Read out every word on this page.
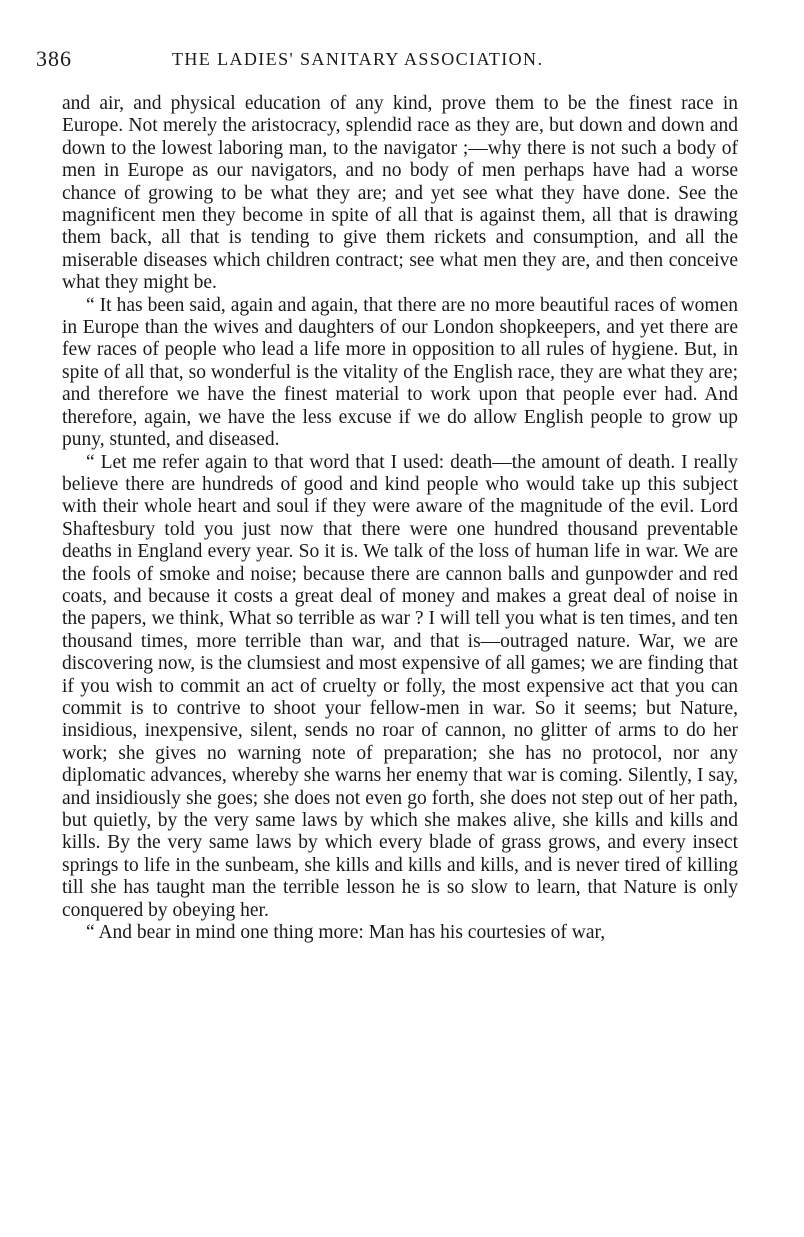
386	THE LADIES' SANITARY ASSOCIATION.

and air, and physical education of any kind, prove them to be the finest race in Europe. Not merely the aristocracy, splendid race as they are, but down and down and down to the lowest laboring man, to the navigator ;—why there is not such a body of men in Europe as our navigators, and no body of men perhaps have had a worse chance of growing to be what they are; and yet see what they have done. See the magnificent men they become in spite of all that is against them, all that is drawing them back, all that is tending to give them rickets and consumption, and all the miserable diseases which children contract; see what men they are, and then conceive what they might be.

“ It has been said, again and again, that there are no more beautiful races of women in Europe than the wives and daughters of our London shopkeepers, and yet there are few races of people who lead a life more in opposition to all rules of hygiene. But, in spite of all that, so wonderful is the vitality of the English race, they are what they are; and therefore we have the finest material to work upon that people ever had. And therefore, again, we have the less excuse if we do allow English people to grow up puny, stunted, and diseased.

“ Let me refer again to that word that I used: death—the amount of death. I really believe there are hundreds of good and kind people who would take up this subject with their whole heart and soul if they were aware of the magnitude of the evil. Lord Shaftesbury told you just now that there were one hundred thousand preventable deaths in England every year. So it is. We talk of the loss of human life in war. We are the fools of smoke and noise; because there are cannon balls and gunpowder and red coats, and because it costs a great deal of money and makes a great deal of noise in the papers, we think, What so terrible as war ? I will tell you what is ten times, and ten thousand times, more terrible than war, and that is—outraged nature. War, we are discovering now, is the clumsiest and most expensive of all games; we are finding that if you wish to commit an act of cruelty or folly, the most expensive act that you can commit is to contrive to shoot your fellow-men in war. So it seems; but Nature, insidious, inexpensive, silent, sends no roar of cannon, no glitter of arms to do her work; she gives no warning note of preparation; she has no protocol, nor any diplomatic advances, whereby she warns her enemy that war is coming. Silently, I say, and insidiously she goes; she does not even go forth, she does not step out of her path, but quietly, by the very same laws by which she makes alive, she kills and kills and kills. By the very same laws by which every blade of grass grows, and every insect springs to life in the sunbeam, she kills and kills and kills, and is never tired of killing till she has taught man the terrible lesson he is so slow to learn, that Nature is only conquered by obeying her.

“ And bear in mind one thing more: Man has his courtesies of war,
